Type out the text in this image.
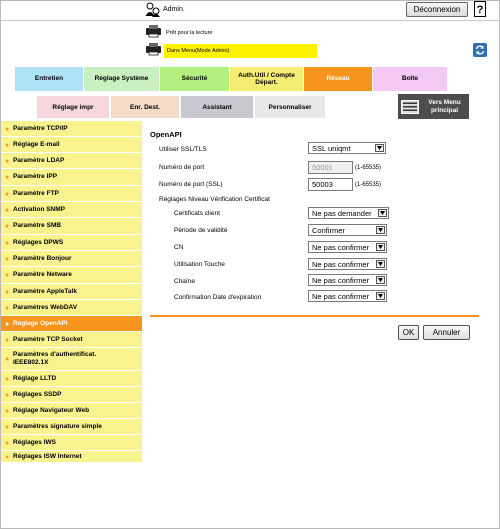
Admin.	Déconnexion	?
Prêt pour la lecture
Dans Menu(Mode Admin)
Entretien	Réglage Système	Sécurité
Auth.Util / Compte Départ.
Réseau	Boîte
Réglage impr	Enr. Dest.	Assistant	Personnaliser
Vers Menu
principal
Paramètre TCP/IP
Réglage E-mail
Paramètre LDAP
Paramètre IPP
Paramètre FTP
Activation SNMP
Paramètre SMB
Réglages DPWS
Paramètre Bonjour
Paramètre Netware
Paramètre AppleTalk
Paramètres WebDAV
Réglage OpenAPI
Paramètre TCP Socket
Paramètres d'authentificat.
IEEE802.1X
Réglage LLTD
Réglages SSDP
Réglage Navigateur Web
Paramètres signature simple
Réglages IWS
Réglages ISW Internet
OpenAPI
Utiliser SSL/TLS	SSL uniqmt
Numéro de port	50001	(1-65535)
Numéro de port (SSL)	50003	(1-65535)
Réglages Niveau Vérification Certificat
Certificats client	Ne pas demander
Période de validité	Confirmer
CN	Ne pas confirmer
Utilisation Touche	Ne pas confirmer
Chaîne	Ne pas confirmer
Confirmation Date d'expiration	Ne pas confirmer
OK	Annuler
